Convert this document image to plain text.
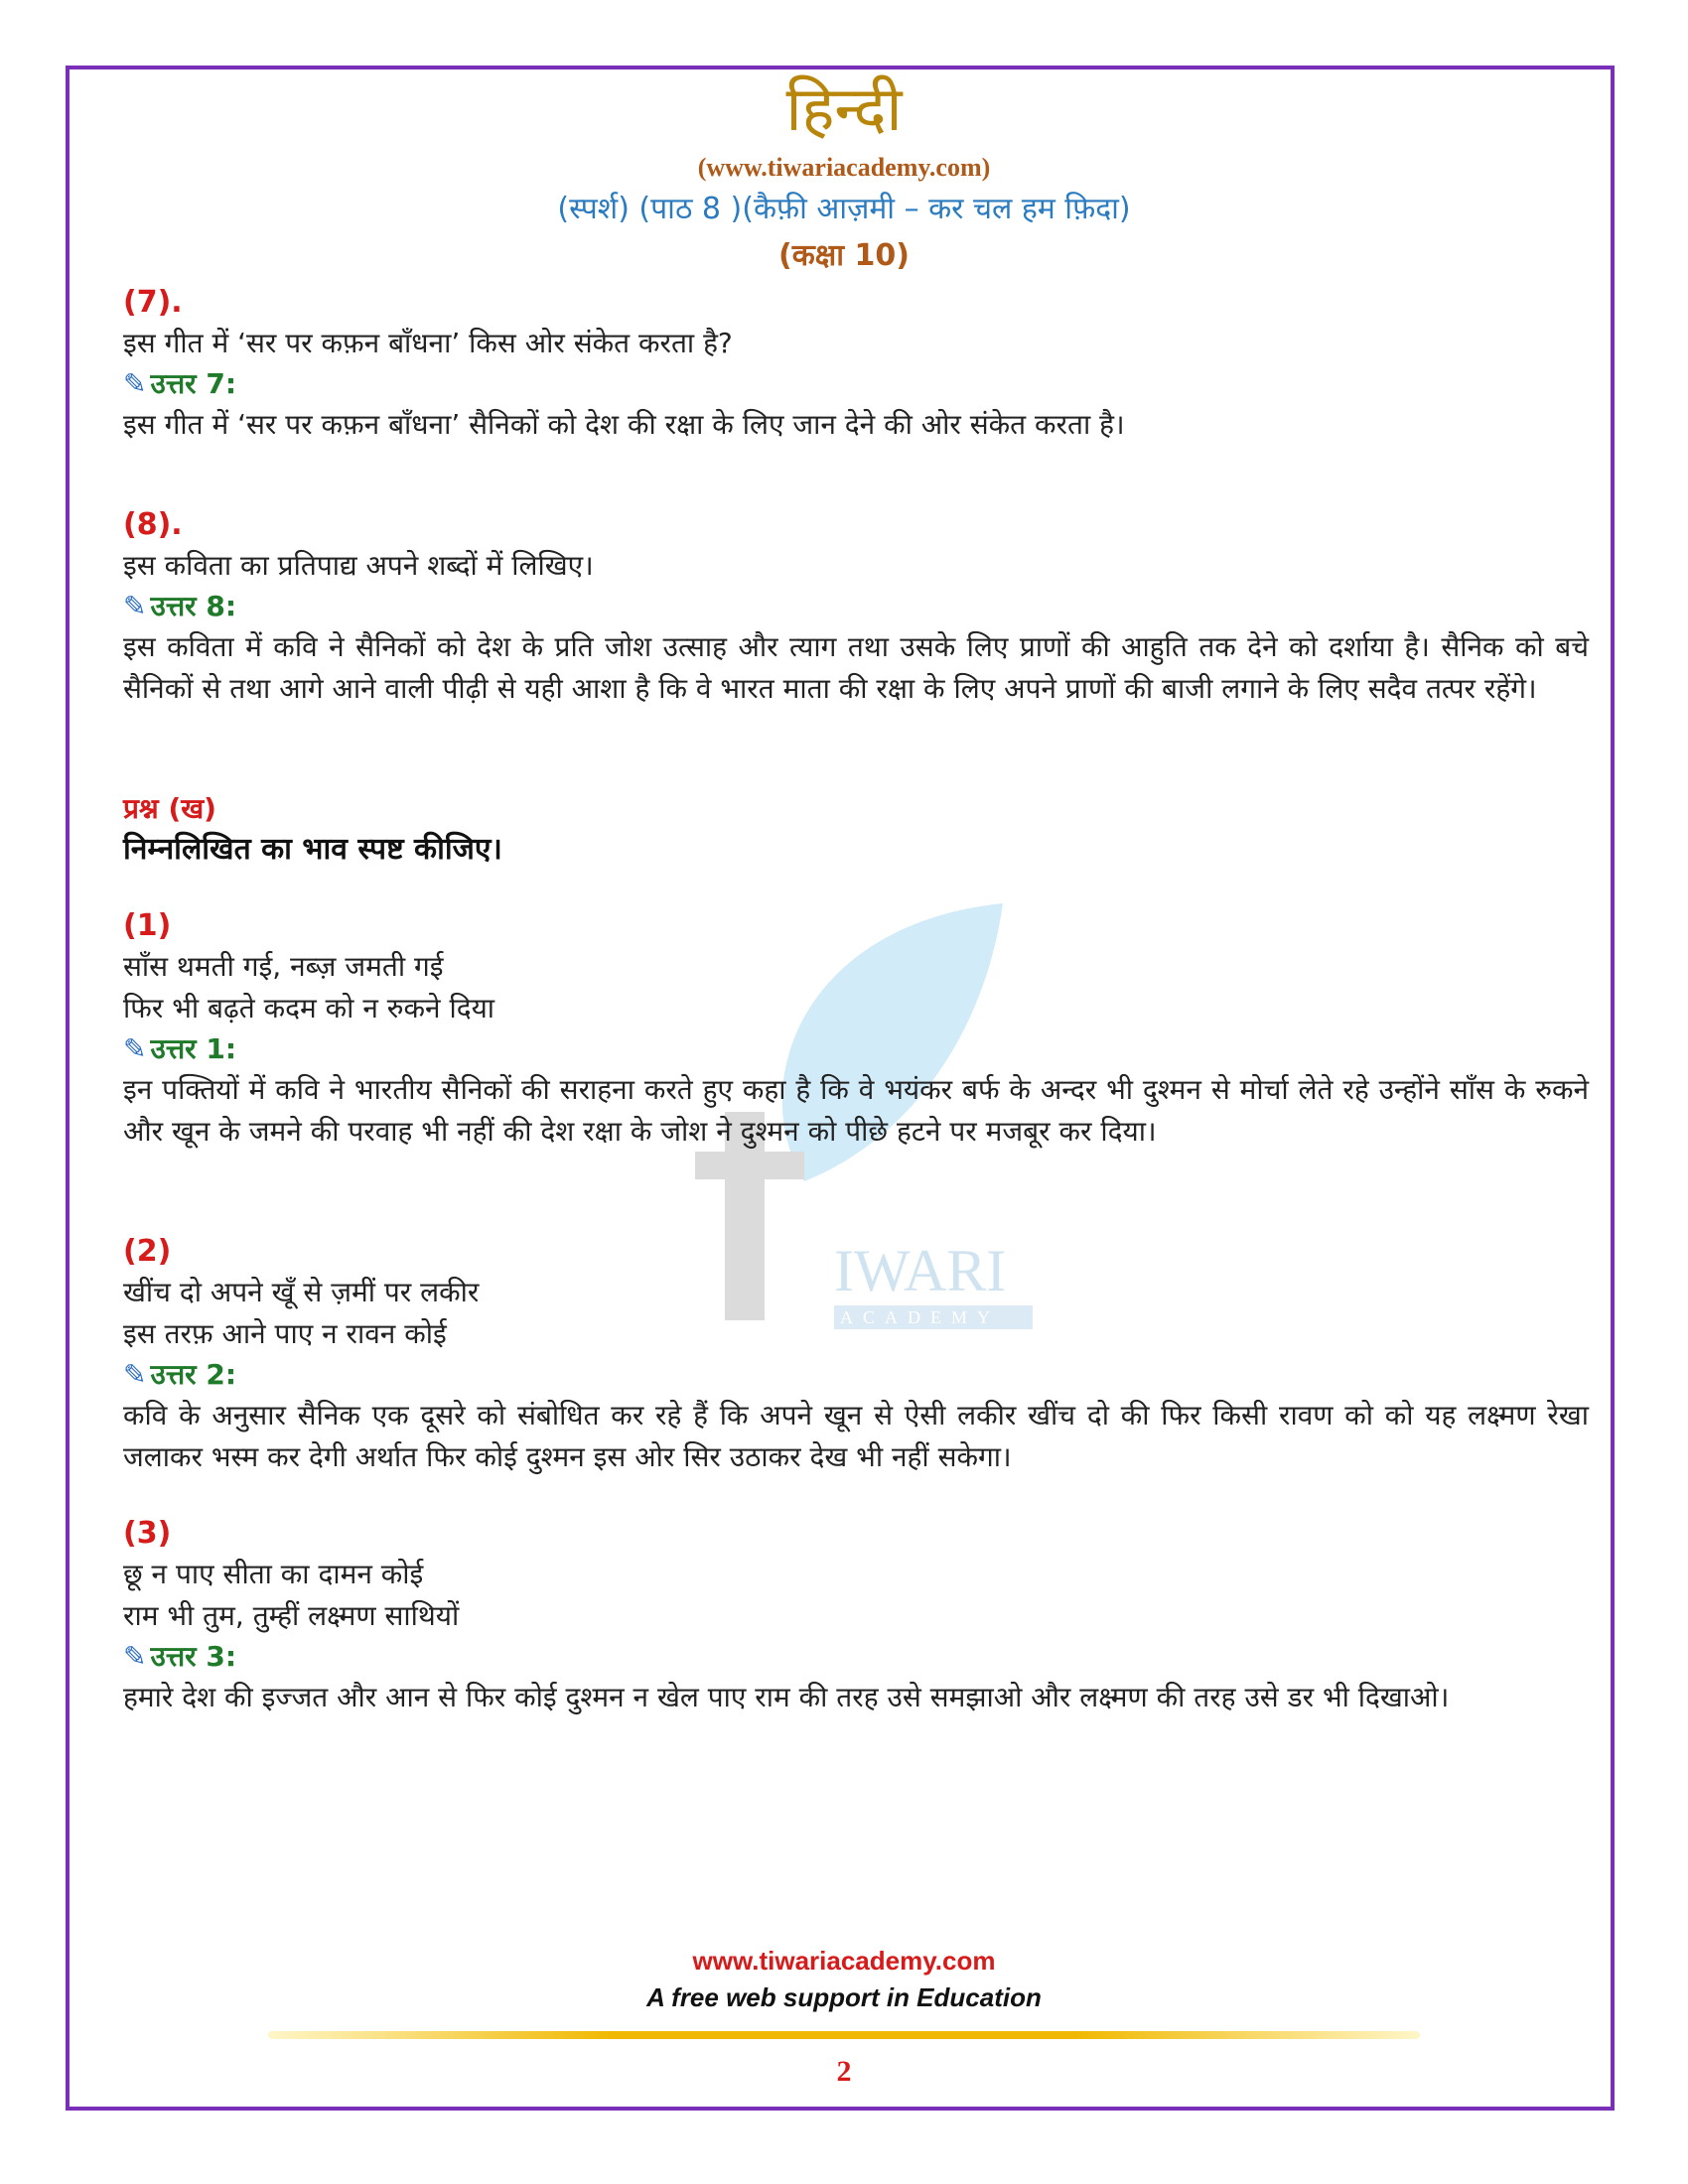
हिन्दी
(www.tiwariacademy.com)
(स्पर्श) (पाठ 8 )(कैफ़ी आज़मी – कर चल हम फ़िदा)
(कक्षा 10)
IWARI
ACADEMY
(7).
इस गीत में ‘सर पर कफ़न बाँधना’ किस ओर संकेत करता है?
✎ उत्तर 7:
इस गीत में ‘सर पर कफ़न बाँधना’ सैनिकों को देश की रक्षा के लिए जान देने की ओर संकेत करता है।
(8).
इस कविता का प्रतिपाद्य अपने शब्दों में लिखिए।
✎ उत्तर 8:
इस कविता में कवि ने सैनिकों को देश के प्रति जोश उत्साह और त्याग तथा उसके लिए प्राणों की आहुति तक देने को दर्शाया है। सैनिक को बचे सैनिकों से तथा आगे आने वाली पीढ़ी से यही आशा है कि वे भारत माता की रक्षा के लिए अपने प्राणों की बाजी लगाने के लिए सदैव तत्पर रहेंगे।
प्रश्न (ख)
निम्नलिखित का भाव स्पष्ट कीजिए।
(1)
साँस थमती गई, नब्ज़ जमती गई
फिर भी बढ़ते कदम को न रुकने दिया
✎ उत्तर 1:
इन पक्तियों में कवि ने भारतीय सैनिकों की सराहना करते हुए कहा है कि वे भयंकर बर्फ के अन्दर भी दुश्मन से मोर्चा लेते रहे उन्होंने साँस के रुकने और खून के जमने की परवाह भी नहीं की देश रक्षा के जोश ने दुश्मन को पीछे हटने पर मजबूर कर दिया।
(2)
खींच दो अपने खूँ से ज़मीं पर लकीर
इस तरफ़ आने पाए न रावन कोई
✎ उत्तर 2:
कवि के अनुसार सैनिक एक दूसरे को संबोधित कर रहे हैं कि अपने खून से ऐसी लकीर खींच दो की फिर किसी रावण को को यह लक्ष्मण रेखा जलाकर भस्म कर देगी अर्थात फिर कोई दुश्मन इस ओर सिर उठाकर देख भी नहीं सकेगा।
(3)
छू न पाए सीता का दामन कोई
राम भी तुम, तुम्हीं लक्ष्मण साथियों
✎ उत्तर 3:
हमारे देश की इज्जत और आन से फिर कोई दुश्मन न खेल पाए राम की तरह उसे समझाओ और लक्ष्मण की तरह उसे डर भी दिखाओ।
www.tiwariacademy.com
A free web support in Education
2
